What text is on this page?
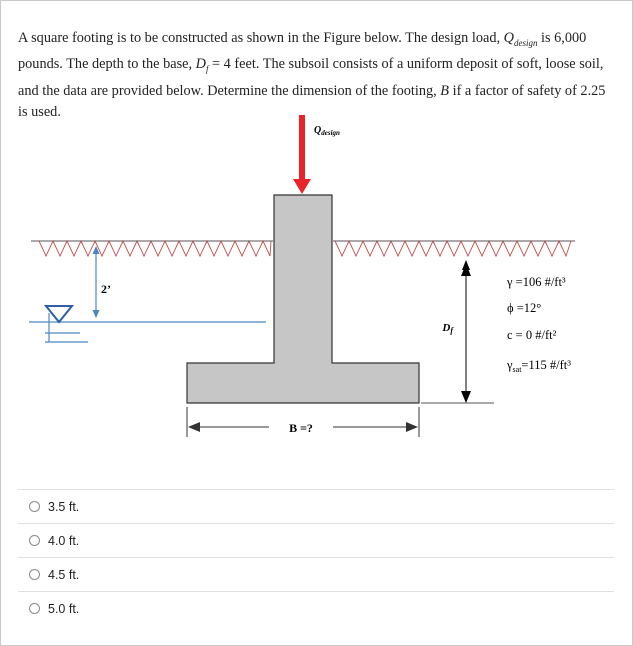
A square footing is to be constructed as shown in the Figure below. The design load, $Q_{design}$ is 6,000 pounds. The depth to the base, $D_f = 4$ feet. The subsoil consists of a uniform deposit of soft, loose soil, and the data are provided below. Determine the dimension of the footing, B if a factor of safety of 2.25 is used.

2’
$Q_{design}$
Df
B =?
γ =106 #/ft³
ϕ =12°
c = 0 #/ft²
$\gamma_{sat}=115$ #/ft³
3.5 ft.
4.0 ft.
4.5 ft.
5.0 ft.
